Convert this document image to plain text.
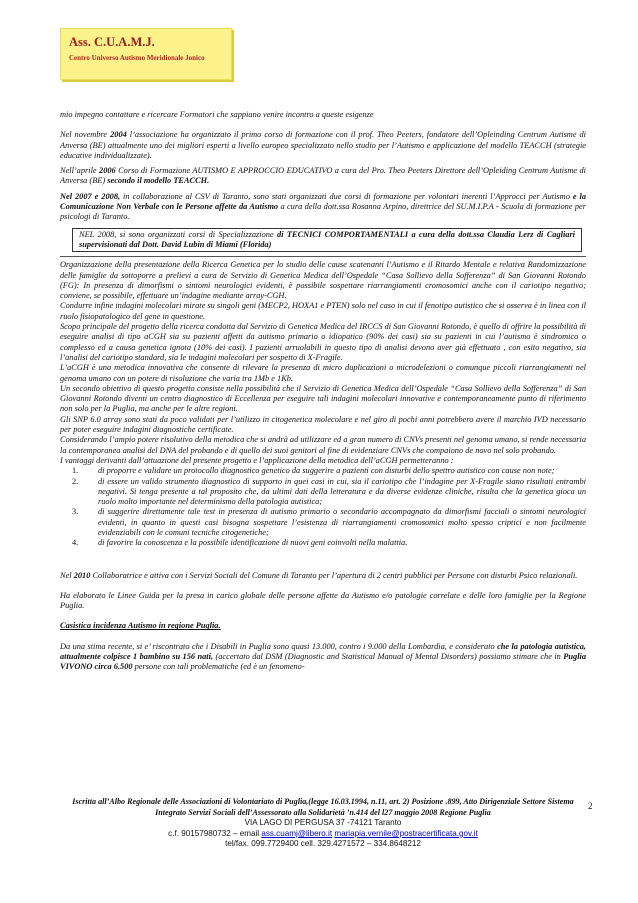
Ass. C.U.A.M.J.
Centro Universo Autismo Meridionale Jonico

mio impegno contattare e ricercare Formatori che sappiano venire incontro a queste esigenze

Nel novembre 2004 l’associazione ha organizzato il primo corso di formazione con il prof. Theo Peeters, fondatore dell’Opleinding Centrum Autisme di Anversa (BE) attualmente uno dei migliori esperti a livello europeo specializzato nello studio per l’Autismo e applicazione del modello TEACCH (strategie educative individualizzate).

Nell’aprile 2006 Corso di Formazione AUTISMO E APPROCCIO EDUCATIVO a cura del Pro. Theo Peeters Direttore dell’Opleiding Centrum Autisme di Anversa (BE) secondo il modello TEACCH.

Nel 2007 e 2008, in collaborazione al CSV di Taranto, sono stati organizzati due corsi di formazione per volontari inerenti l’Approcci per Autismo e la Comunicazione Non Verbale con le Persone affette da Autismo a cura della dott.ssa Rosanna Arpino, direttrice del SU.M.I.P.A - Scuola di formazione per psicologi di Taranto.

NEL 2008, si sono organizzati corsi di Specializzazione di TECNICI COMPORTAMENTALI a cura della dott.ssa Claudia Lerz di Cagliari supervisionati dal Dott. David Lubin di Miami (Florida)

Organizzazione della presentazione della Ricerca Genetica per lo studio delle cause scatenanti l’Autismo e il Ritardo Mentale e relativa Randomizzazione delle famiglie da sottoporre a prelievi a cura de Servizio di Genetica Medica dell’Ospedale “Casa Sollievo della Sofferenza” di San Giovanni Rotondo (FG): In presenza di dimorfismi o sintomi neurologici evidenti, è possibile sospettare riarrangiamenti cromosomici anche con il cariotipo negativo; conviene, se possibile, effettuare un’indagine mediante array-CGH.

Condurre infine indagini molecolari mirate su singoli geni (MECP2, HOXA1 e PTEN) solo nel caso in cui il fenotipo autistico che si osserva è in linea con il ruolo fisiopatologico del gene in questione.

Scopo principale del progetto della ricerca condotta dal Servizio di Genetica Medica del IRCCS di San Giovanni Rotondo, è quello di offrire la possibilità di eseguire analisi di tipo aCGH sia su pazienti affetti da autismo primario o idiopatico (90% dei casi) sia su pazienti in cui l’autismo è sindromico o complesso ed a causa genetica ignota (10% dei casi). I pazienti arruolabili in questo tipo di analisi devono aver già effettuato , con esito negativo, sia l’analisi del cariotipo standard, sia le indagini molecolari per sospetto di X-Fragile.

L’aCGH è una metodica innovativa che consente di rilevare la presenza di micro duplicazioni o microdelezioni o comunque piccoli riarrangiamenti nel genoma umano con un potere di risoluzione che varia tra 1Mb e 1Kb.

Un secondo obiettivo di questo progetto consiste nella possibilità che il Servizio di Genetica Medica dell’Ospedale “Casa Sollievo della Sofferenza” di San Giovanni Rotondo diventi un centro diagnostico di Eccellenza per eseguire tali indagini molecolari innovative e contemporaneamente punto di riferimento non solo per la Puglia, ma anche per le altre regioni.

Gli SNP 6.0 array sono stati da poco validati per l’utilizzo in citogenetica molecolare e nel giro di pochi anni potrebbero avere il marchio IVD necessario per poter eseguire indagini diagnostiche certificate.

Considerando l’ampio potere risolutivo della metodica che si andrà ad utilizzare ed a gran numero di CNVs presenti nel genoma umano, si rende necessaria la contemporanea analisi del DNA del probando e di quello dei suoi genitori al fine di evidenziare CNVs che compaiono de novo nel solo probando.

I vantaggi derivanti dall’attuazione del presente progetto e l’applicazione della metodica dell’aCGH permetteranno :

1. di proporre e validare un protocollo diagnostico genetico da suggerire a pazienti con disturbi dello spettro autistico con cause non note;
2. di essere un valido strumento diagnostico di supporto in quei casi in cui, sia il cariotipo che l’indagine per X-Fragile siano risultati entrambi negativi. Si tenga presente a tal proposito che, da ultimi dati della letteratura e da diverse evidenze cliniche, risulta che la genetica gioca un ruolo molto importante nel determinismo della patologia autistica;
3. di suggerire direttamente tale test in presenza di autismo primario o secondario accompagnato da dimorfismi facciali o sintomi neurologici evidenti, in quanto in questi casi bisogna sospettare l’esistenza di riarrangiamenti cromosomici molto spesso criptici e non facilmente evidenziabili con le comuni tecniche citogenetiche;
4. di favorire la conoscenza e la possibile identificazione di nuovi geni coinvolti nella malattia.

Nel 2010 Collaboratrice e attiva con i Servizi Sociali del Comune di Taranto per l’apertura di 2 centri pubblici per Persone con disturbi Psico relazionali.

Ha elaborato le Linee Guida per la presa in carico globale delle persone affette da Autismo e/o patologie correlate e delle loro famiglie per la Regione Puglia.

Casistica incidenza Autismo in regione Puglia.

Da una stima recente, si e’ riscontrato che i Disabili in Puglia sono quasi 13.000, contro i 9.000 della Lombardia, e considerato che la patologia autistica, attualmente colpisce 1 bambino su 156 nati, (accertato dal DSM (Diagnostic and Statistical Manual of Mental Disorders) possiamo stimare che in Puglia VIVONO circa 6.500 persone con tali problematiche (ed è un fenomeno-

Iscritta all’Albo Regionale delle Associazioni di Volontariato di Puglia,(legge 16.03.1994, n.11, art. 2) Posizione .899, Atto Dirigenziale Settore Sistema Integrato Servizi Sociali dell’Assessorato alla Solidarietà ’n.414 del l27 maggio 2008 Regione Puglia
VIA LAGO DI PERGUSA 37 -74121 Taranto
c.f. 90157980732 – email ass.cuamj@libero.it mariapia.vernile@postracertificata.gov.it
tel/fax. 099.7729400 cell. 329.4271572 – 334.8648212
2
